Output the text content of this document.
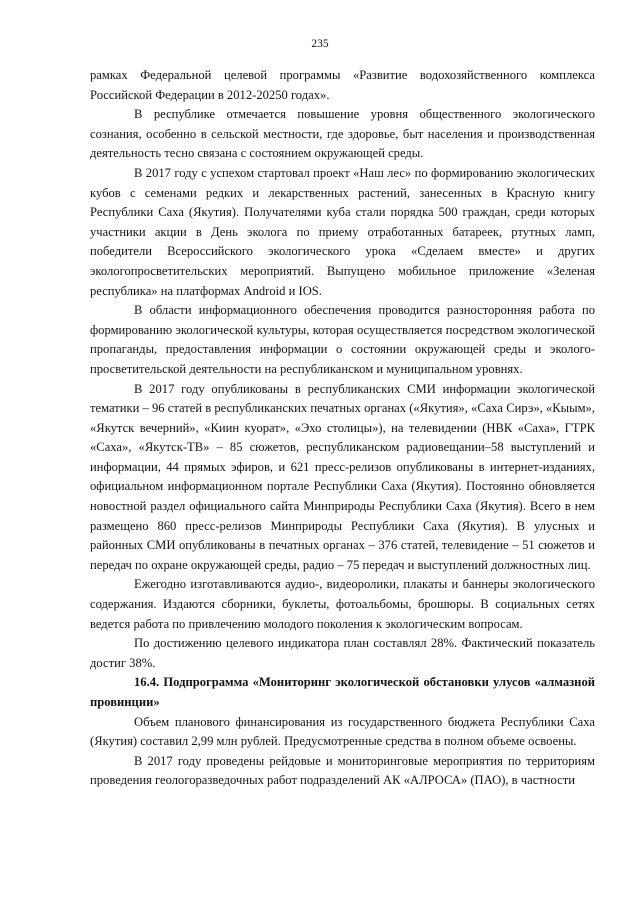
235

рамках Федеральной целевой программы «Развитие водохозяйственного комплекса Российской Федерации в 2012-20250 годах».

В республике отмечается повышение уровня общественного экологического сознания, особенно в сельской местности, где здоровье, быт населения и производственная деятельность тесно связана с состоянием окружающей среды.

В 2017 году с успехом стартовал проект «Наш лес» по формированию экологических кубов с семенами редких и лекарственных растений, занесенных в Красную книгу Республики Саха (Якутия). Получателями куба стали порядка 500 граждан, среди которых участники акции в День эколога по приему отработанных батареек, ртутных ламп, победители Всероссийского экологического урока «Сделаем вместе» и других экологопросветительских мероприятий. Выпущено мобильное приложение «Зеленая республика» на платформах Android и IOS.

В области информационного обеспечения проводится разносторонняя работа по формированию экологической культуры, которая осуществляется посредством экологической пропаганды, предоставления информации о состоянии окружающей среды и эколого-просветительской деятельности на республиканском и муниципальном уровнях.

В 2017 году опубликованы в республиканских СМИ информации экологической тематики – 96 статей в республиканских печатных органах («Якутия», «Саха Сирэ», «Кыым», «Якутск вечерний», «Киин куорат», «Эхо столицы»), на телевидении (НВК «Саха», ГТРК «Саха», «Якутск-ТВ» – 85 сюжетов, республиканском радиовещании–58 выступлений и информации, 44 прямых эфиров, и 621 пресс-релизов опубликованы в интернет-изданиях, официальном информационном портале Республики Саха (Якутия). Постоянно обновляется новостной раздел официального сайта Минприроды Республики Саха (Якутия). Всего в нем размещено 860 пресс-релизов Минприроды Республики Саха (Якутия). В улусных и районных СМИ опубликованы в печатных органах – 376 статей, телевидение – 51 сюжетов и передач по охране окружающей среды, радио – 75 передач и выступлений должностных лиц.

Ежегодно изготавливаются аудио-, видеоролики, плакаты и баннеры экологического содержания. Издаются сборники, буклеты, фотоальбомы, брошюры. В социальных сетях ведется работа по привлечению молодого поколения к экологическим вопросам.

По достижению целевого индикатора план составлял 28%. Фактический показатель достиг 38%.

16.4. Подпрограмма «Мониторинг экологической обстановки улусов «алмазной провинции»

Объем планового финансирования из государственного бюджета Республики Саха (Якутия) составил 2,99 млн рублей. Предусмотренные средства в полном объеме освоены.

В 2017 году проведены рейдовые и мониторинговые мероприятия по территориям проведения геологоразведочных работ подразделений АК «АЛРОСА» (ПАО), в частности
